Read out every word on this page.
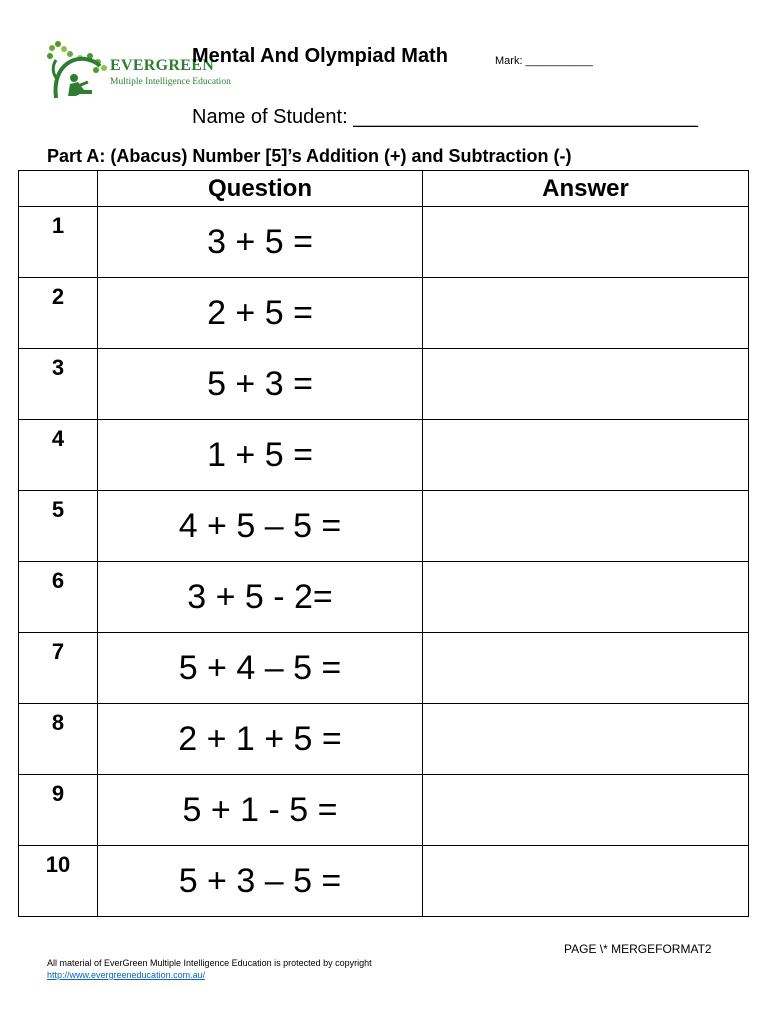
EVERGREEN
Multiple Intelligence Education
Mental And Olympiad Math	Mark: ___________
Name of Student: _______________________________
Part A: (Abacus) Number [5]’s Addition (+) and Subtraction (-)
	Question	Answer
1	3 + 5 =	
2	2 + 5 =	
3	5 + 3 =	
4	1 + 5 =	
5	4 + 5 – 5 =	
6	3 + 5 - 2=	
7	5 + 4 – 5 =	
8	2 + 1 + 5 =	
9	5 + 1 - 5 =	
10	5 + 3 – 5 =	
PAGE \* MERGEFORMAT2
All material of EverGreen Multiple Intelligence Education is protected by copyright
http://www.evergreeneducation.com.au/
